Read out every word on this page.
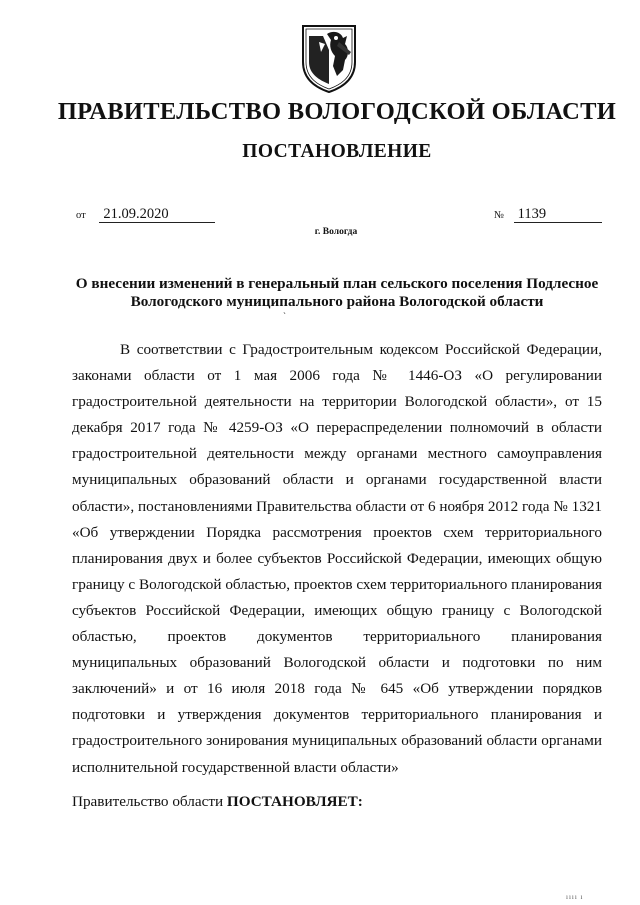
ПРАВИТЕЛЬСТВО ВОЛОГОДСКОЙ ОБЛАСТИ
ПОСТАНОВЛЕНИЕ
от 21.09.2020	№ 1139
г. Вологда

О внесении изменений в генеральный план сельского поселения Подлесное Вологодского муниципального района Вологодской области

ˋ

В соответствии с Градостроительным кодексом Российской Федерации, законами области от 1 мая 2006 года № 1446-ОЗ «О регулировании градостроительной деятельности на территории Вологодской области», от 15 декабря 2017 года № 4259-ОЗ «О перераспределении полномочий в области градостроительной деятельности между органами местного самоуправления муниципальных образований области и органами государственной власти области», постановлениями Правительства области от 6 ноября 2012 года № 1321 «Об утверждении Порядка рассмотрения проектов схем территориального планирования двух и более субъектов Российской Федерации, имеющих общую границу с Вологодской областью, проектов схем территориального планирования субъектов Российской Федерации, имеющих общую границу с Вологодской областью, проектов документов территориального планирования муниципальных образований Вологодской области и подготовки по ним заключений» и от 16 июля 2018 года № 645 «Об утверждении порядков подготовки и утверждения документов территориального планирования и градостроительного зонирования муниципальных образований области органами исполнительной государственной власти области»

Правительство области ПОСТАНОВЛЯЕТ:

ıııı ı
